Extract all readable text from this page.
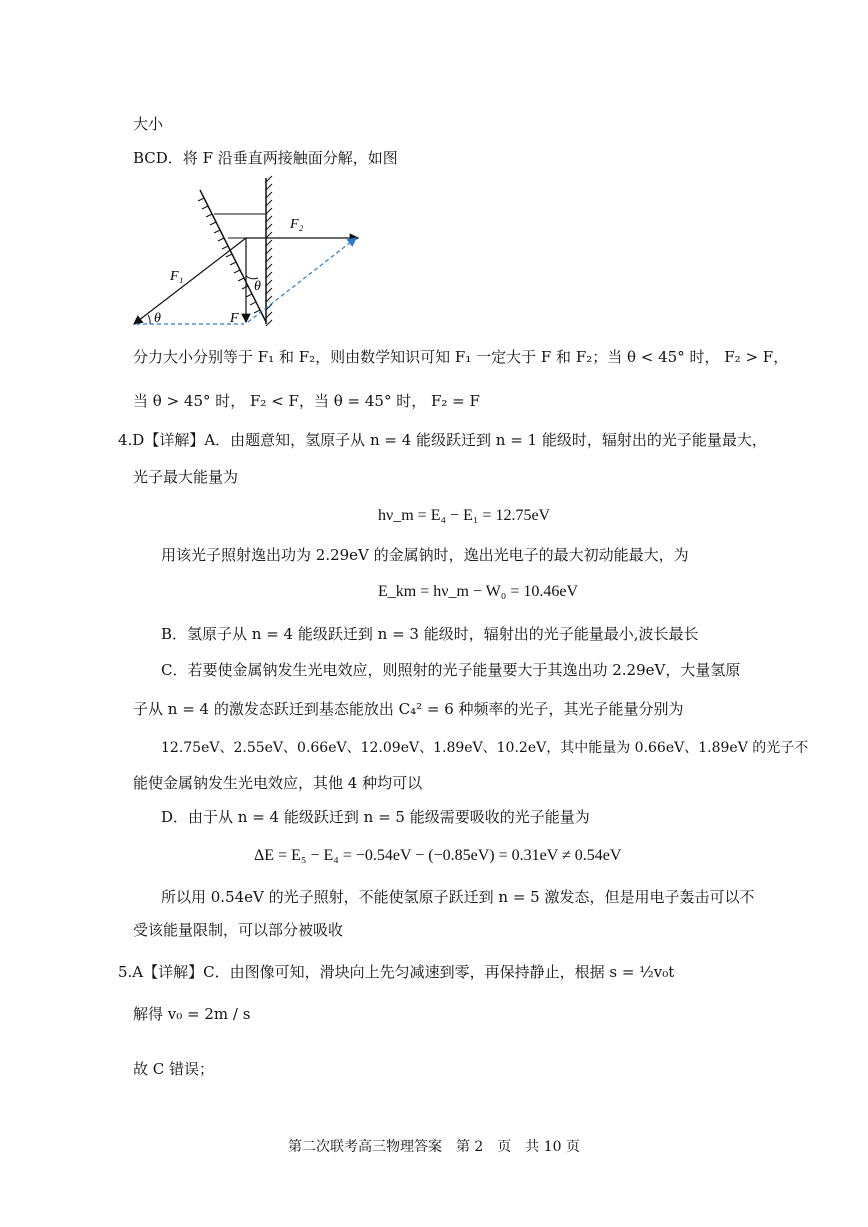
大小
BCD．将 F 沿垂直两接触面分解，如图
F₁
F₂
F
θ
θ
分力大小分别等于 F₁ 和 F₂，则由数学知识可知 F₁ 一定大于 F 和 F₂；当 θ < 45° 时， F₂ > F，
当 θ > 45° 时， F₂ < F，当 θ = 45° 时， F₂ = F
4.D【详解】A．由题意知，氢原子从 n = 4 能级跃迁到 n = 1 能级时，辐射出的光子能量最大，
光子最大能量为
hν_m = E₄ − E₁ = 12.75eV
用该光子照射逸出功为 2.29eV 的金属钠时，逸出光电子的最大初动能最大，为
E_km = hν_m − W₀ = 10.46eV
B．氢原子从 n = 4 能级跃迁到 n = 3 能级时，辐射出的光子能量最小,波长最长
C．若要使金属钠发生光电效应，则照射的光子能量要大于其逸出功 2.29eV，大量氢原
子从 n = 4 的激发态跃迁到基态能放出 C₄² = 6 种频率的光子，其光子能量分别为
12.75eV、2.55eV、0.66eV、12.09eV、1.89eV、10.2eV，其中能量为 0.66eV、1.89eV 的光子不
能使金属钠发生光电效应，其他 4 种均可以
D．由于从 n = 4 能级跃迁到 n = 5 能级需要吸收的光子能量为
ΔE = E₅ − E₄ = −0.54eV − (−0.85eV) = 0.31eV ≠ 0.54eV
所以用 0.54eV 的光子照射，不能使氢原子跃迁到 n = 5 激发态，但是用电子轰击可以不
受该能量限制，可以部分被吸收
5.A【详解】C．由图像可知，滑块向上先匀减速到零，再保持静止，根据 s = ½v₀t
解得 v₀ = 2m / s
故 C 错误；
第二次联考高三物理答案　第 2　页　共 10 页
